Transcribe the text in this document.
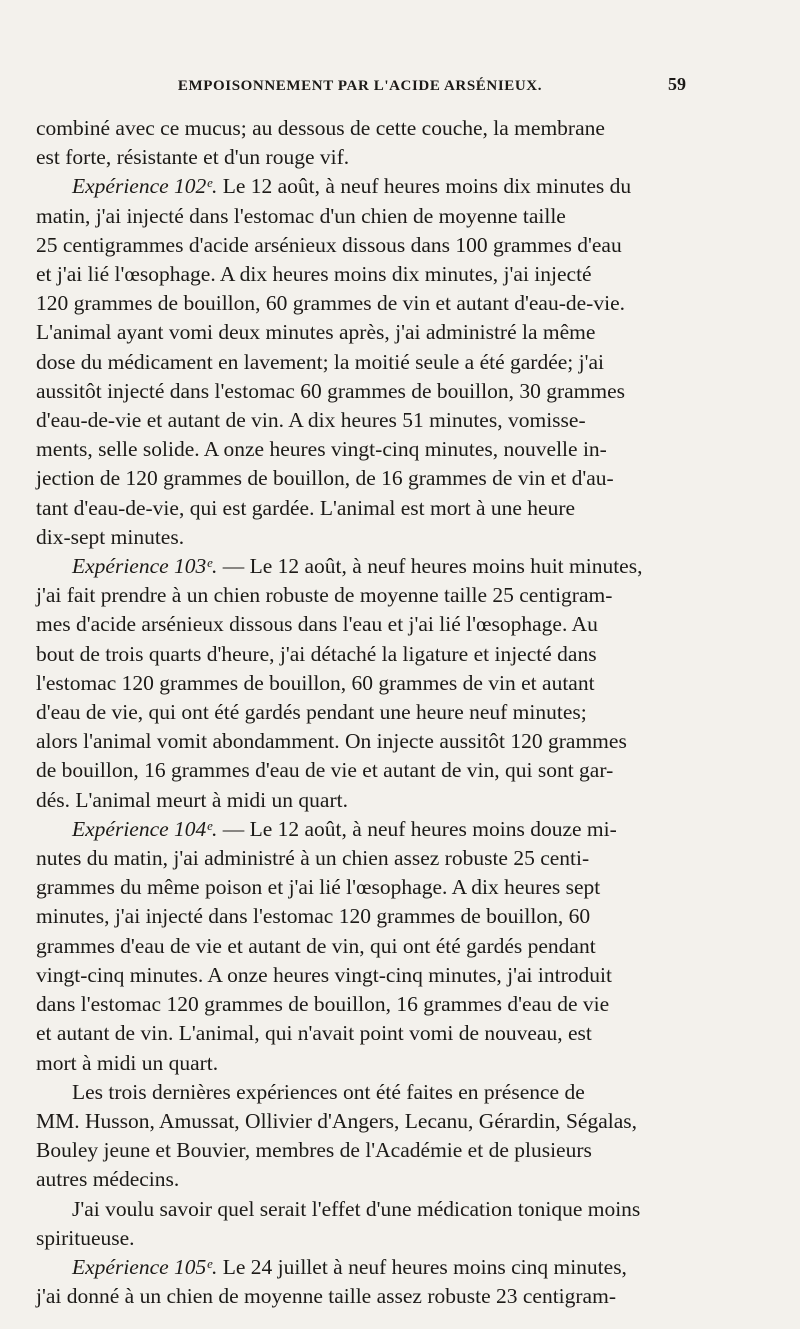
EMPOISONNEMENT PAR L'ACIDE ARSÉNIEUX.	59
combiné avec ce mucus; au dessous de cette couche, la membrane
est forte, résistante et d'un rouge vif.
Expérience 102ᵉ. Le 12 août, à neuf heures moins dix minutes du
matin, j'ai injecté dans l'estomac d'un chien de moyenne taille
25 centigrammes d'acide arsénieux dissous dans 100 grammes d'eau
et j'ai lié l'œsophage. A dix heures moins dix minutes, j'ai injecté
120 grammes de bouillon, 60 grammes de vin et autant d'eau-de-vie.
L'animal ayant vomi deux minutes après, j'ai administré la même
dose du médicament en lavement; la moitié seule a été gardée; j'ai
aussitôt injecté dans l'estomac 60 grammes de bouillon, 30 grammes
d'eau-de-vie et autant de vin. A dix heures 51 minutes, vomisse-
ments, selle solide. A onze heures vingt-cinq minutes, nouvelle in-
jection de 120 grammes de bouillon, de 16 grammes de vin et d'au-
tant d'eau-de-vie, qui est gardée. L'animal est mort à une heure
dix-sept minutes.
Expérience 103ᵉ. — Le 12 août, à neuf heures moins huit minutes,
j'ai fait prendre à un chien robuste de moyenne taille 25 centigram-
mes d'acide arsénieux dissous dans l'eau et j'ai lié l'œsophage. Au
bout de trois quarts d'heure, j'ai détaché la ligature et injecté dans
l'estomac 120 grammes de bouillon, 60 grammes de vin et autant
d'eau de vie, qui ont été gardés pendant une heure neuf minutes;
alors l'animal vomit abondamment. On injecte aussitôt 120 grammes
de bouillon, 16 grammes d'eau de vie et autant de vin, qui sont gar-
dés. L'animal meurt à midi un quart.
Expérience 104ᵉ. — Le 12 août, à neuf heures moins douze mi-
nutes du matin, j'ai administré à un chien assez robuste 25 centi-
grammes du même poison et j'ai lié l'œsophage. A dix heures sept
minutes, j'ai injecté dans l'estomac 120 grammes de bouillon, 60
grammes d'eau de vie et autant de vin, qui ont été gardés pendant
vingt-cinq minutes. A onze heures vingt-cinq minutes, j'ai introduit
dans l'estomac 120 grammes de bouillon, 16 grammes d'eau de vie
et autant de vin. L'animal, qui n'avait point vomi de nouveau, est
mort à midi un quart.
Les trois dernières expériences ont été faites en présence de
MM. Husson, Amussat, Ollivier d'Angers, Lecanu, Gérardin, Ségalas,
Bouley jeune et Bouvier, membres de l'Académie et de plusieurs
autres médecins.
J'ai voulu savoir quel serait l'effet d'une médication tonique moins
spiritueuse.
Expérience 105ᵉ. Le 24 juillet à neuf heures moins cinq minutes,
j'ai donné à un chien de moyenne taille assez robuste 23 centigram-
